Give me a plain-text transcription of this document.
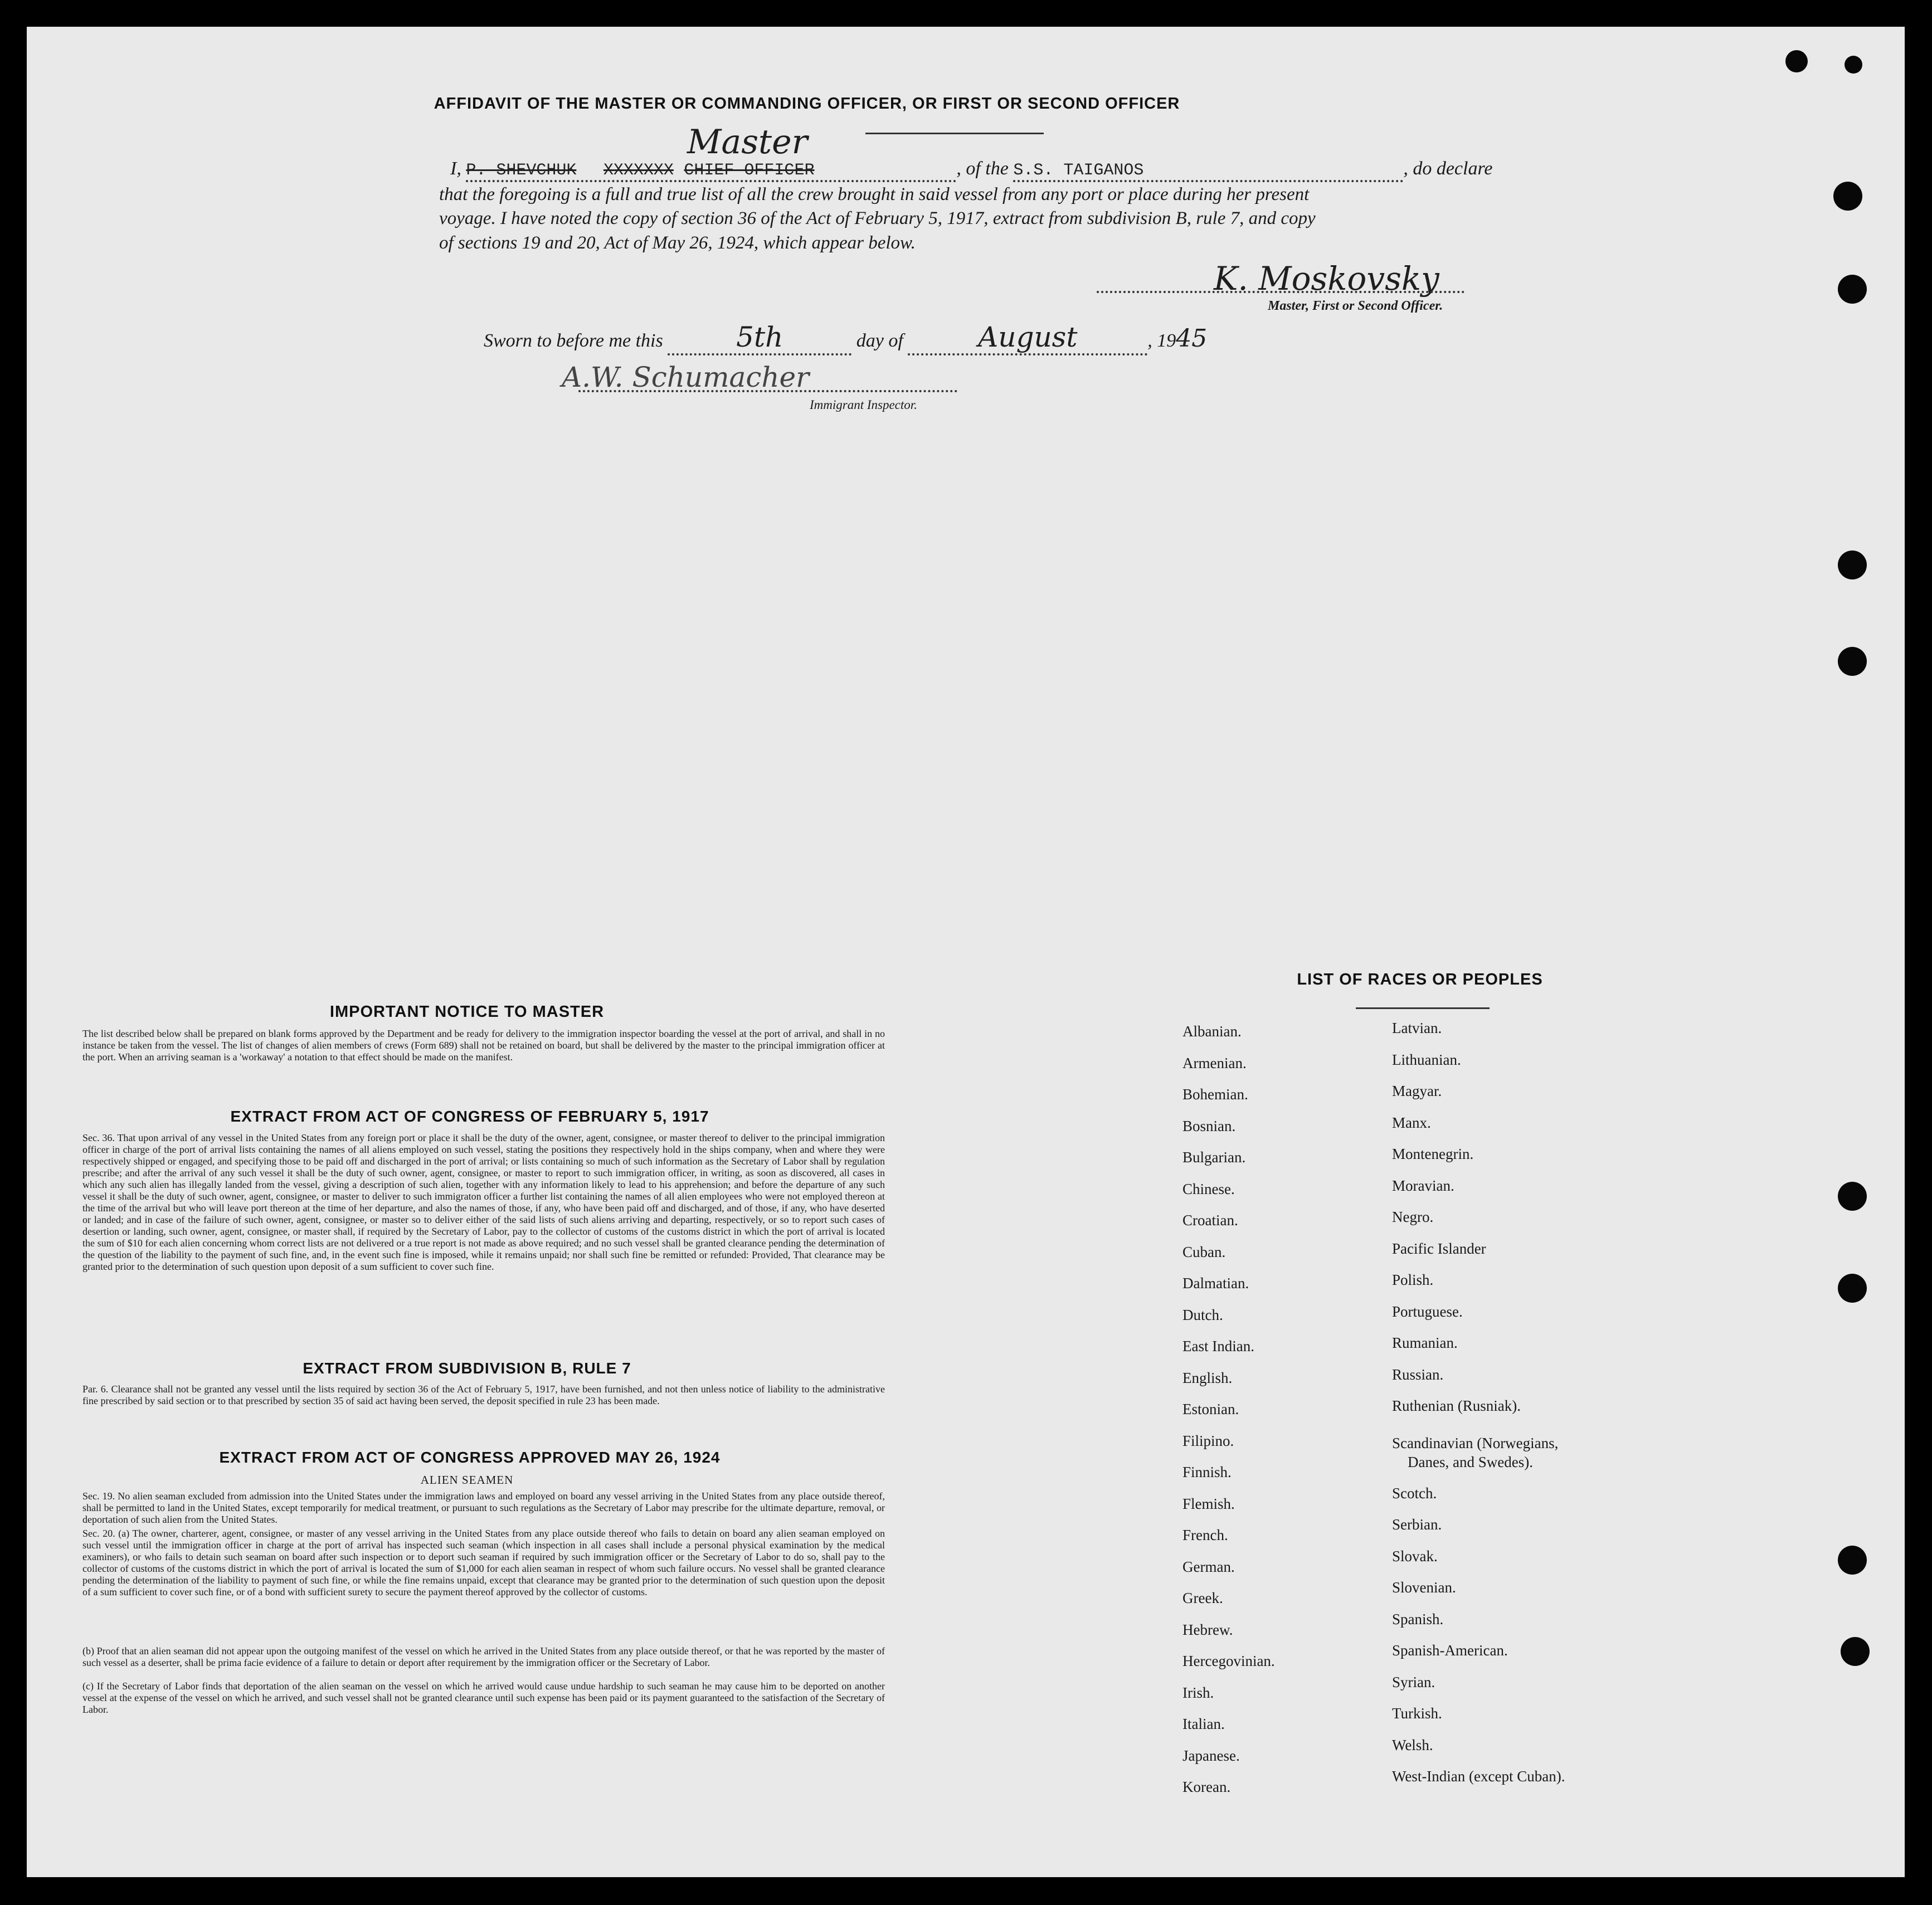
AFFIDAVIT OF THE MASTER OR COMMANDING OFFICER, OR FIRST OR SECOND OFFICER
Master
I, P. SHEVCHUK XXXXXXX CHIEF OFFICER	, of the S.S. TAIGANOS	, do declare
that the foregoing is a full and true list of all the crew brought in said vessel from any port or place during her present
voyage. I have noted the copy of section 36 of the Act of February 5, 1917, extract from subdivision B, rule 7, and copy
of sections 19 and 20, Act of May 26, 1924, which appear below.
K. Moskovsky
Master, First or Second Officer.
Sworn to before me this	5th	day of	August	, 1945
A.W. Schumacher
Immigrant Inspector.
IMPORTANT NOTICE TO MASTER
The list described below shall be prepared on blank forms approved by the Department and be ready for delivery to the immigration inspector boarding the vessel at the port of arrival, and shall in no instance be taken from the vessel. The list of changes of alien members of crews (Form 689) shall not be retained on board, but shall be delivered by the master to the principal immigration officer at the port. When an arriving seaman is a 'workaway' a notation to that effect should be made on the manifest.
EXTRACT FROM ACT OF CONGRESS OF FEBRUARY 5, 1917
Sec. 36. That upon arrival of any vessel in the United States from any foreign port or place it shall be the duty of the owner, agent, consignee, or master thereof to deliver to the principal immigration officer in charge of the port of arrival lists containing the names of all aliens employed on such vessel, stating the positions they respectively hold in the ships company, when and where they were respectively shipped or engaged, and specifying those to be paid off and discharged in the port of arrival; or lists containing so much of such information as the Secretary of Labor shall by regulation prescribe; and after the arrival of any such vessel it shall be the duty of such owner, agent, consignee, or master to report to such immigration officer, in writing, as soon as discovered, all cases in which any such alien has illegally landed from the vessel, giving a description of such alien, together with any information likely to lead to his apprehension; and before the departure of any such vessel it shall be the duty of such owner, agent, consignee, or master to deliver to such immigraton officer a further list containing the names of all alien employees who were not employed thereon at the time of the arrival but who will leave port thereon at the time of her departure, and also the names of those, if any, who have been paid off and discharged, and of those, if any, who have deserted or landed; and in case of the failure of such owner, agent, consignee, or master so to deliver either of the said lists of such aliens arriving and departing, respectively, or so to report such cases of desertion or landing, such owner, agent, consignee, or master shall, if required by the Secretary of Labor, pay to the collector of customs of the customs district in which the port of arrival is located the sum of $10 for each alien concerning whom correct lists are not delivered or a true report is not made as above required; and no such vessel shall be granted clearance pending the determination of the question of the liability to the payment of such fine, and, in the event such fine is imposed, while it remains unpaid; nor shall such fine be remitted or refunded: Provided, That clearance may be granted prior to the determination of such question upon deposit of a sum sufficient to cover such fine.
EXTRACT FROM SUBDIVISION B, RULE 7
Par. 6. Clearance shall not be granted any vessel until the lists required by section 36 of the Act of February 5, 1917, have been furnished, and not then unless notice of liability to the administrative fine prescribed by said section or to that prescribed by section 35 of said act having been served, the deposit specified in rule 23 has been made.
EXTRACT FROM ACT OF CONGRESS APPROVED MAY 26, 1924
ALIEN SEAMEN
Sec. 19. No alien seaman excluded from admission into the United States under the immigration laws and employed on board any vessel arriving in the United States from any place outside thereof, shall be permitted to land in the United States, except temporarily for medical treatment, or pursuant to such regulations as the Secretary of Labor may prescribe for the ultimate departure, removal, or deportation of such alien from the United States.
Sec. 20. (a) The owner, charterer, agent, consignee, or master of any vessel arriving in the United States from any place outside thereof who fails to detain on board any alien seaman employed on such vessel until the immigration officer in charge at the port of arrival has inspected such seaman (which inspection in all cases shall include a personal physical examination by the medical examiners), or who fails to detain such seaman on board after such inspection or to deport such seaman if required by such immigration officer or the Secretary of Labor to do so, shall pay to the collector of customs of the customs district in which the port of arrival is located the sum of $1,000 for each alien seaman in respect of whom such failure occurs. No vessel shall be granted clearance pending the determination of the liability to payment of such fine, or while the fine remains unpaid, except that clearance may be granted prior to the determination of such question upon the deposit of a sum sufficient to cover such fine, or of a bond with sufficient surety to secure the payment thereof approved by the collector of customs.
(b) Proof that an alien seaman did not appear upon the outgoing manifest of the vessel on which he arrived in the United States from any place outside thereof, or that he was reported by the master of such vessel as a deserter, shall be prima facie evidence of a failure to detain or deport after requirement by the immigration officer or the Secretary of Labor.
(c) If the Secretary of Labor finds that deportation of the alien seaman on the vessel on which he arrived would cause undue hardship to such seaman he may cause him to be deported on another vessel at the expense of the vessel on which he arrived, and such vessel shall not be granted clearance until such expense has been paid or its payment guaranteed to the satisfaction of the Secretary of Labor.
LIST OF RACES OR PEOPLES
Albanian.
Armenian.
Bohemian.
Bosnian.
Bulgarian.
Chinese.
Croatian.
Cuban.
Dalmatian.
Dutch.
East Indian.
English.
Estonian.
Filipino.
Finnish.
Flemish.
French.
German.
Greek.
Hebrew.
Hercegovinian.
Irish.
Italian.
Japanese.
Korean.
Latvian.
Lithuanian.
Magyar.
Manx.
Montenegrin.
Moravian.
Negro.
Pacific Islander
Polish.
Portuguese.
Rumanian.
Russian.
Ruthenian (Rusniak).
Scandinavian (Norwegians,
Danes, and Swedes).
Scotch.
Serbian.
Slovak.
Slovenian.
Spanish.
Spanish-American.
Syrian.
Turkish.
Welsh.
West-Indian (except Cuban).
